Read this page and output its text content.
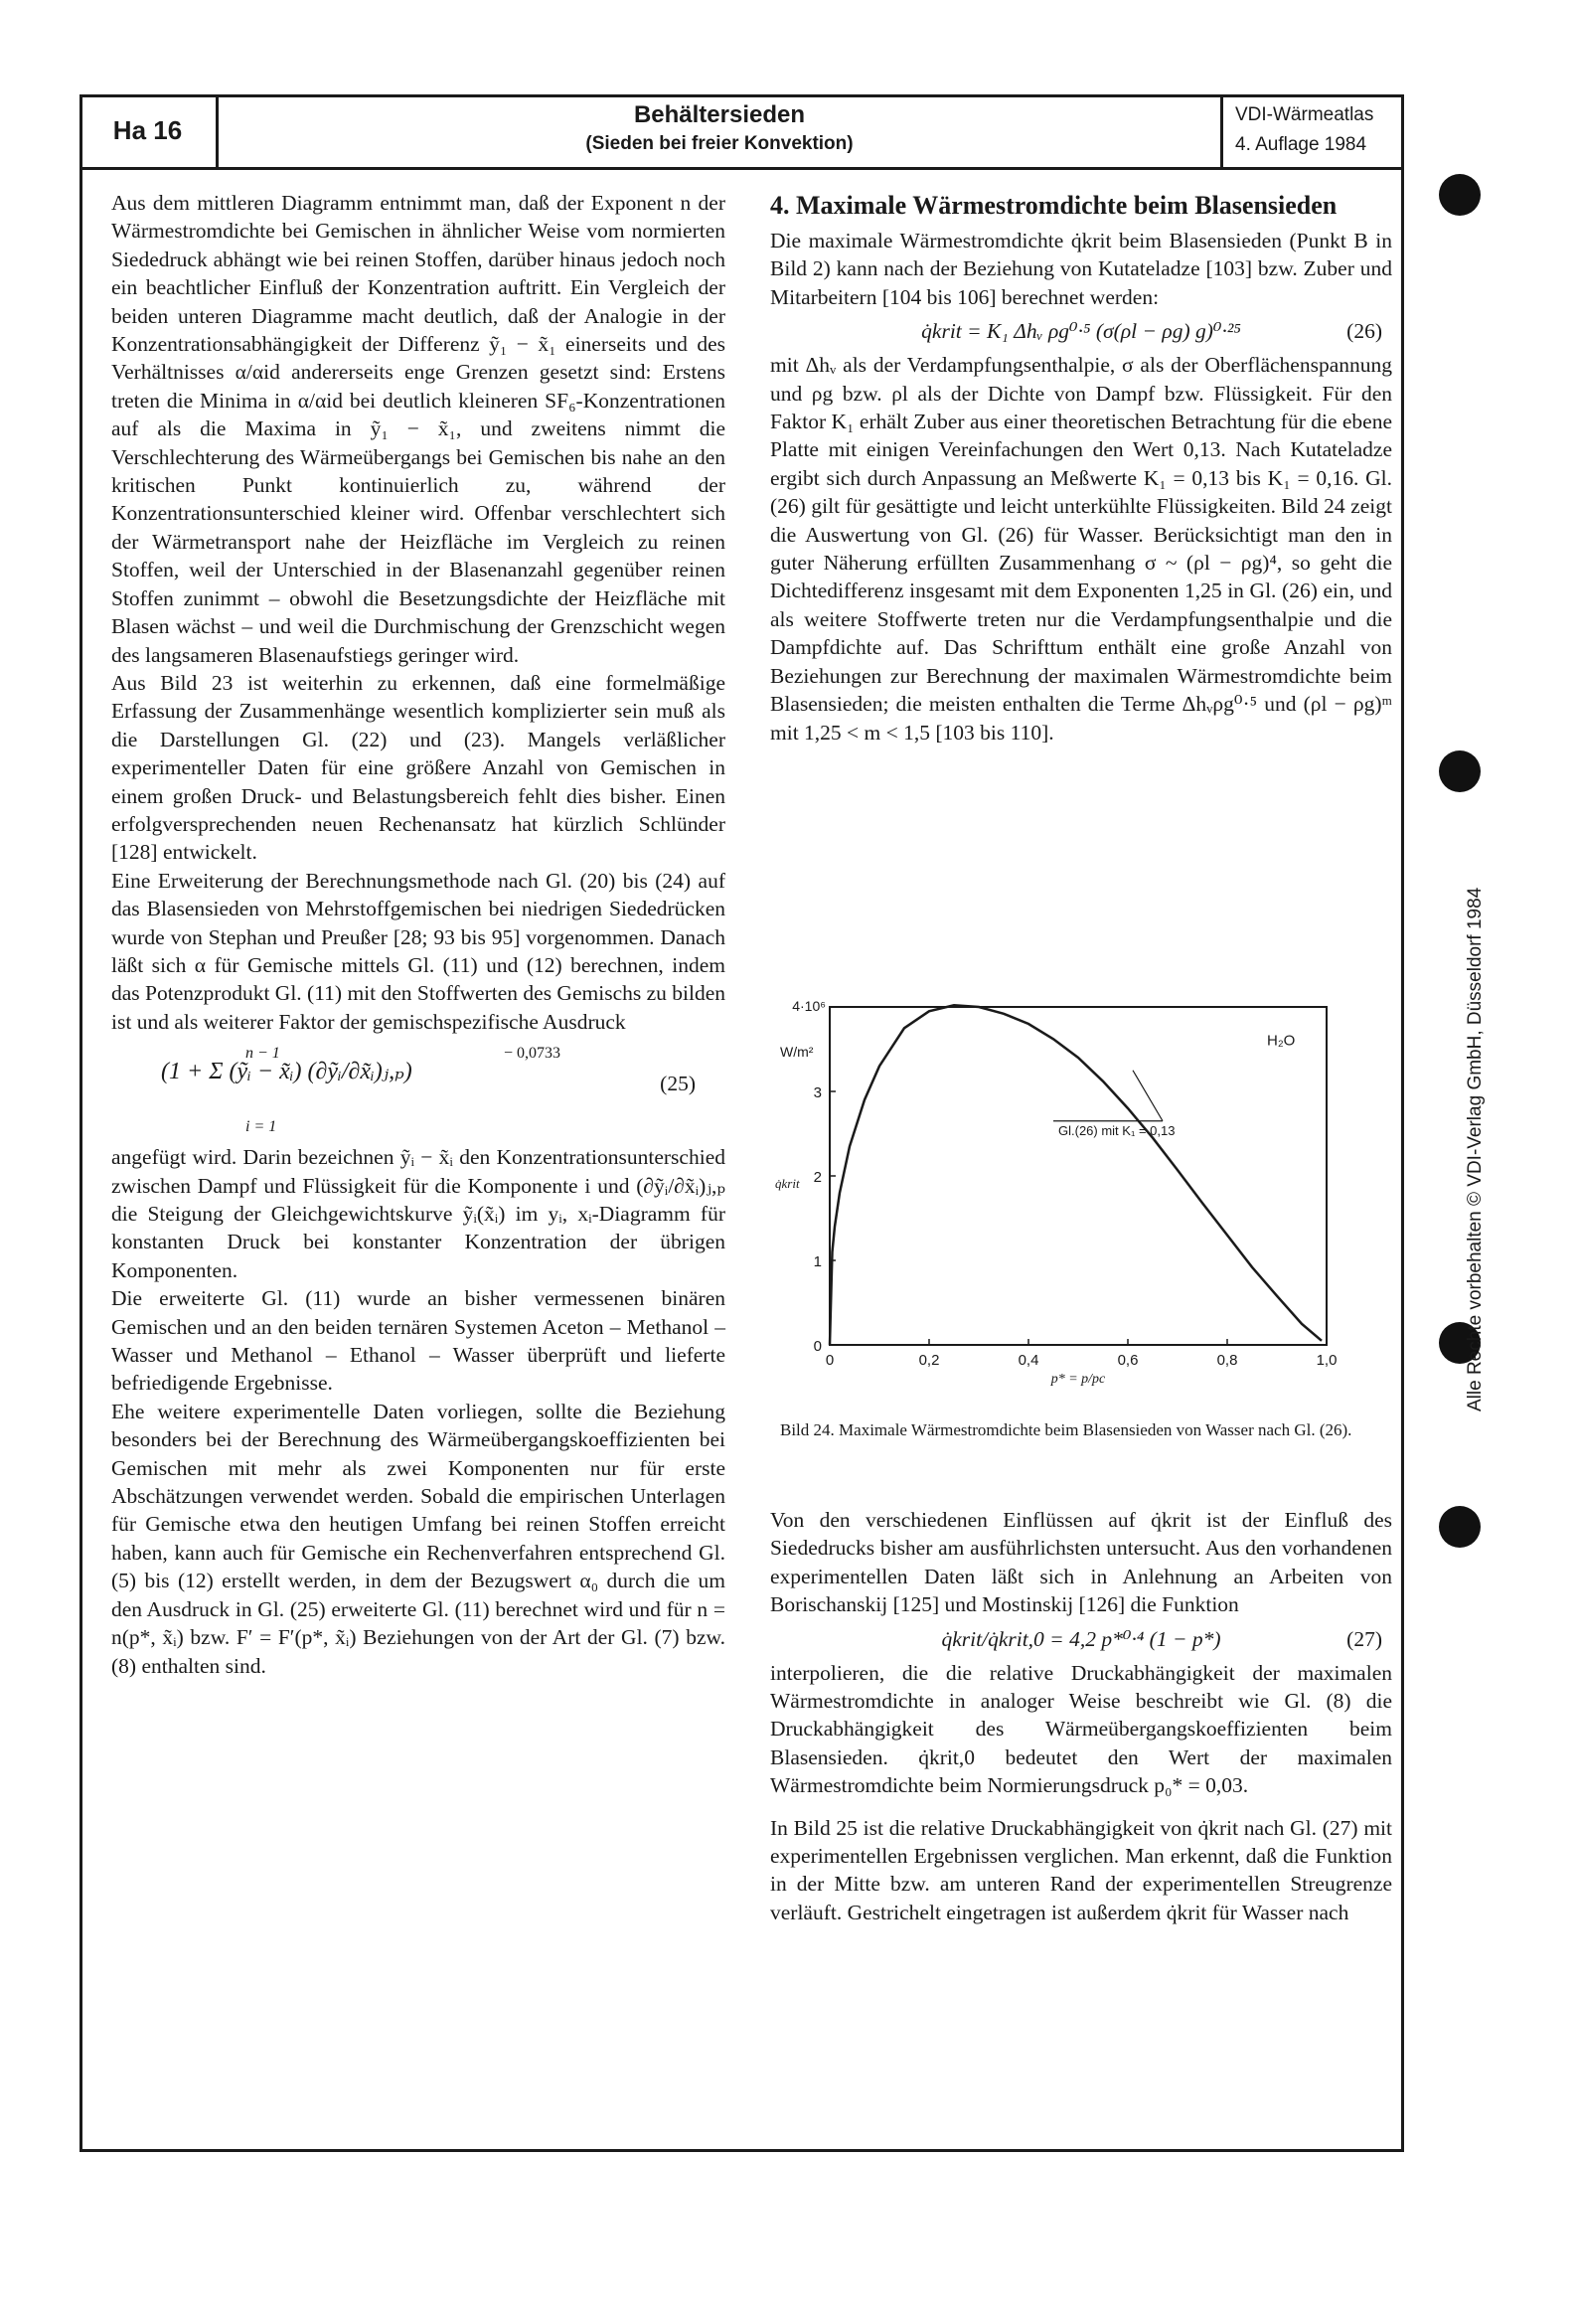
Ha 16
Behältersieden
(Sieden bei freier Konvektion)
VDI-Wärmeatlas
4. Auflage 1984

Aus dem mittleren Diagramm entnimmt man, daß der Exponent n der Wärmestromdichte bei Gemischen in ähnlicher Weise vom normierten Siededruck abhängt wie bei reinen Stoffen, darüber hinaus jedoch noch ein beachtlicher Einfluß der Konzentration auftritt. Ein Vergleich der beiden unteren Diagramme macht deutlich, daß der Analogie in der Konzentrationsabhängigkeit der Differenz ỹ₁ − x̃₁ einerseits und des Verhältnisses α/αid andererseits enge Grenzen gesetzt sind: Erstens treten die Minima in α/αid bei deutlich kleineren SF₆-Konzentrationen auf als die Maxima in ỹ₁ − x̃₁, und zweitens nimmt die Verschlechterung des Wärmeübergangs bei Gemischen bis nahe an den kritischen Punkt kontinuierlich zu, während der Konzentrationsunterschied kleiner wird. Offenbar verschlechtert sich der Wärmetransport nahe der Heizfläche im Vergleich zu reinen Stoffen, weil der Unterschied in der Blasenanzahl gegenüber reinen Stoffen zunimmt – obwohl die Besetzungsdichte der Heizfläche mit Blasen wächst – und weil die Durchmischung der Grenzschicht wegen des langsameren Blasenaufstiegs geringer wird.

Aus Bild 23 ist weiterhin zu erkennen, daß eine formelmäßige Erfassung der Zusammenhänge wesentlich komplizierter sein muß als die Darstellungen Gl. (22) und (23). Mangels verläßlicher experimenteller Daten für eine größere Anzahl von Gemischen in einem großen Druck- und Belastungsbereich fehlt dies bisher. Einen erfolgversprechenden neuen Rechenansatz hat kürzlich Schlünder [128] entwickelt.

Eine Erweiterung der Berechnungsmethode nach Gl. (20) bis (24) auf das Blasensieden von Mehrstoffgemischen bei niedrigen Siededrücken wurde von Stephan und Preußer [28; 93 bis 95] vorgenommen. Danach läßt sich α für Gemische mittels Gl. (11) und (12) berechnen, indem das Potenzprodukt Gl. (11) mit den Stoffwerten des Gemischs zu bilden ist und als weiterer Faktor der gemischspezifische Ausdruck

n − 1
(1 + Σ (ỹᵢ − x̃ᵢ) (∂ỹᵢ/∂x̃ᵢ)ⱼ,ₚ)
− 0,0733
i = 1
(25)

angefügt wird. Darin bezeichnen ỹᵢ − x̃ᵢ den Konzentrationsunterschied zwischen Dampf und Flüssigkeit für die Komponente i und (∂ỹᵢ/∂x̃ᵢ)ⱼ,ₚ die Steigung der Gleichgewichtskurve ỹᵢ(x̃ᵢ) im yᵢ, xᵢ-Diagramm für konstanten Druck bei konstanter Konzentration der übrigen Komponenten.

Die erweiterte Gl. (11) wurde an bisher vermessenen binären Gemischen und an den beiden ternären Systemen Aceton – Methanol – Wasser und Methanol – Ethanol – Wasser überprüft und lieferte befriedigende Ergebnisse.

Ehe weitere experimentelle Daten vorliegen, sollte die Beziehung besonders bei der Berechnung des Wärmeübergangskoeffizienten bei Gemischen mit mehr als zwei Komponenten nur für erste Abschätzungen verwendet werden. Sobald die empirischen Unterlagen für Gemische etwa den heutigen Umfang bei reinen Stoffen erreicht haben, kann auch für Gemische ein Rechenverfahren entsprechend Gl. (5) bis (12) erstellt werden, in dem der Bezugswert α₀ durch die um den Ausdruck in Gl. (25) erweiterte Gl. (11) berechnet wird und für n = n(p*, x̃ᵢ) bzw. F′ = F′(p*, x̃ᵢ) Beziehungen von der Art der Gl. (7) bzw. (8) enthalten sind.

4. Maximale Wärmestromdichte beim Blasensieden

Die maximale Wärmestromdichte q̇krit beim Blasensieden (Punkt B in Bild 2) kann nach der Beziehung von Kutateladze [103] bzw. Zuber und Mitarbeitern [104 bis 106] berechnet werden:

q̇krit = K₁ Δhᵥ ρg⁰·⁵ (σ(ρl − ρg) g)⁰·²⁵	(26)

mit Δhᵥ als der Verdampfungsenthalpie, σ als der Oberflächenspannung und ρg bzw. ρl als der Dichte von Dampf bzw. Flüssigkeit. Für den Faktor K₁ erhält Zuber aus einer theoretischen Betrachtung für die ebene Platte mit einigen Vereinfachungen den Wert 0,13. Nach Kutateladze ergibt sich durch Anpassung an Meßwerte K₁ = 0,13 bis K₁ = 0,16. Gl. (26) gilt für gesättigte und leicht unterkühlte Flüssigkeiten. Bild 24 zeigt die Auswertung von Gl. (26) für Wasser. Berücksichtigt man den in guter Näherung erfüllten Zusammenhang σ ~ (ρl − ρg)⁴, so geht die Dichtedifferenz insgesamt mit dem Exponenten 1,25 in Gl. (26) ein, und als weitere Stoffwerte treten nur die Verdampfungsenthalpie und die Dampfdichte auf. Das Schrifttum enthält eine große Anzahl von Beziehungen zur Berechnung der maximalen Wärmestromdichte beim Blasensieden; die meisten enthalten die Terme Δhᵥρg⁰·⁵ und (ρl − ρg)ᵐ mit 1,25 < m < 1,5 [103 bis 110].

0
1
2
3
4·10⁶
W/m²
q̇krit
0	0,2	0,4	0,6	0,8	1,0
p* = p/pc
H₂O
Gl.(26) mit K₁ = 0,13
Bild 24. Maximale Wärmestromdichte beim Blasensieden von Wasser nach Gl. (26).

Von den verschiedenen Einflüssen auf q̇krit ist der Einfluß des Siededrucks bisher am ausführlichsten untersucht. Aus den vorhandenen experimentellen Daten läßt sich in Anlehnung an Arbeiten von Borischanskij [125] und Mostinskij [126] die Funktion

q̇krit/q̇krit,0 = 4,2 p*⁰·⁴ (1 − p*)	(27)

interpolieren, die die relative Druckabhängigkeit der maximalen Wärmestromdichte in analoger Weise beschreibt wie Gl. (8) die Druckabhängigkeit des Wärmeübergangskoeffizienten beim Blasensieden. q̇krit,0 bedeutet den Wert der maximalen Wärmestromdichte beim Normierungsdruck p₀* = 0,03.

In Bild 25 ist die relative Druckabhängigkeit von q̇krit nach Gl. (27) mit experimentellen Ergebnissen verglichen. Man erkennt, daß die Funktion in der Mitte bzw. am unteren Rand der experimentellen Streugrenze verläuft. Gestrichelt eingetragen ist außerdem q̇krit für Wasser nach

Alle Rechte vorbehalten © VDI-Verlag GmbH, Düsseldorf 1984
